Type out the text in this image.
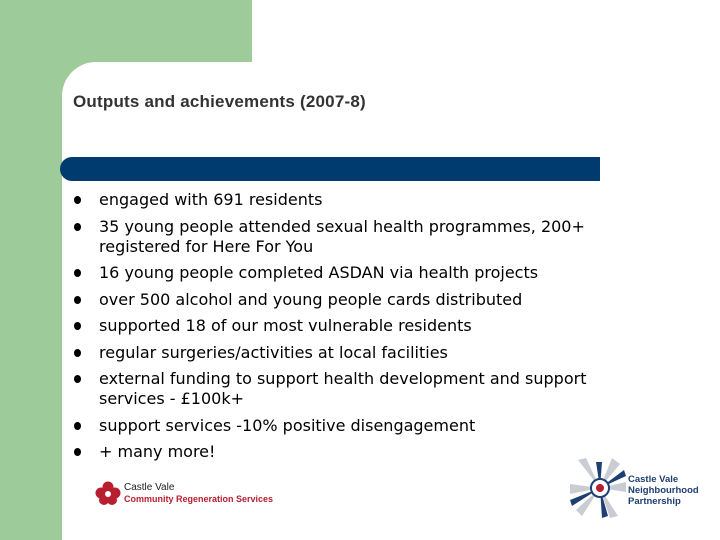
Outputs and achievements (2007-8)
engaged with 691 residents
35 young people attended sexual health programmes, 200+
registered for Here For You
16 young people completed ASDAN via health projects
over 500 alcohol and young people cards distributed
supported 18 of our most vulnerable residents
regular surgeries/activities at local facilities
external funding to support health development and support
services - £100k+
support services -10% positive disengagement
+ many more!
Castle Vale
Community Regeneration Services
Castle Vale
Neighbourhood
Partnership
